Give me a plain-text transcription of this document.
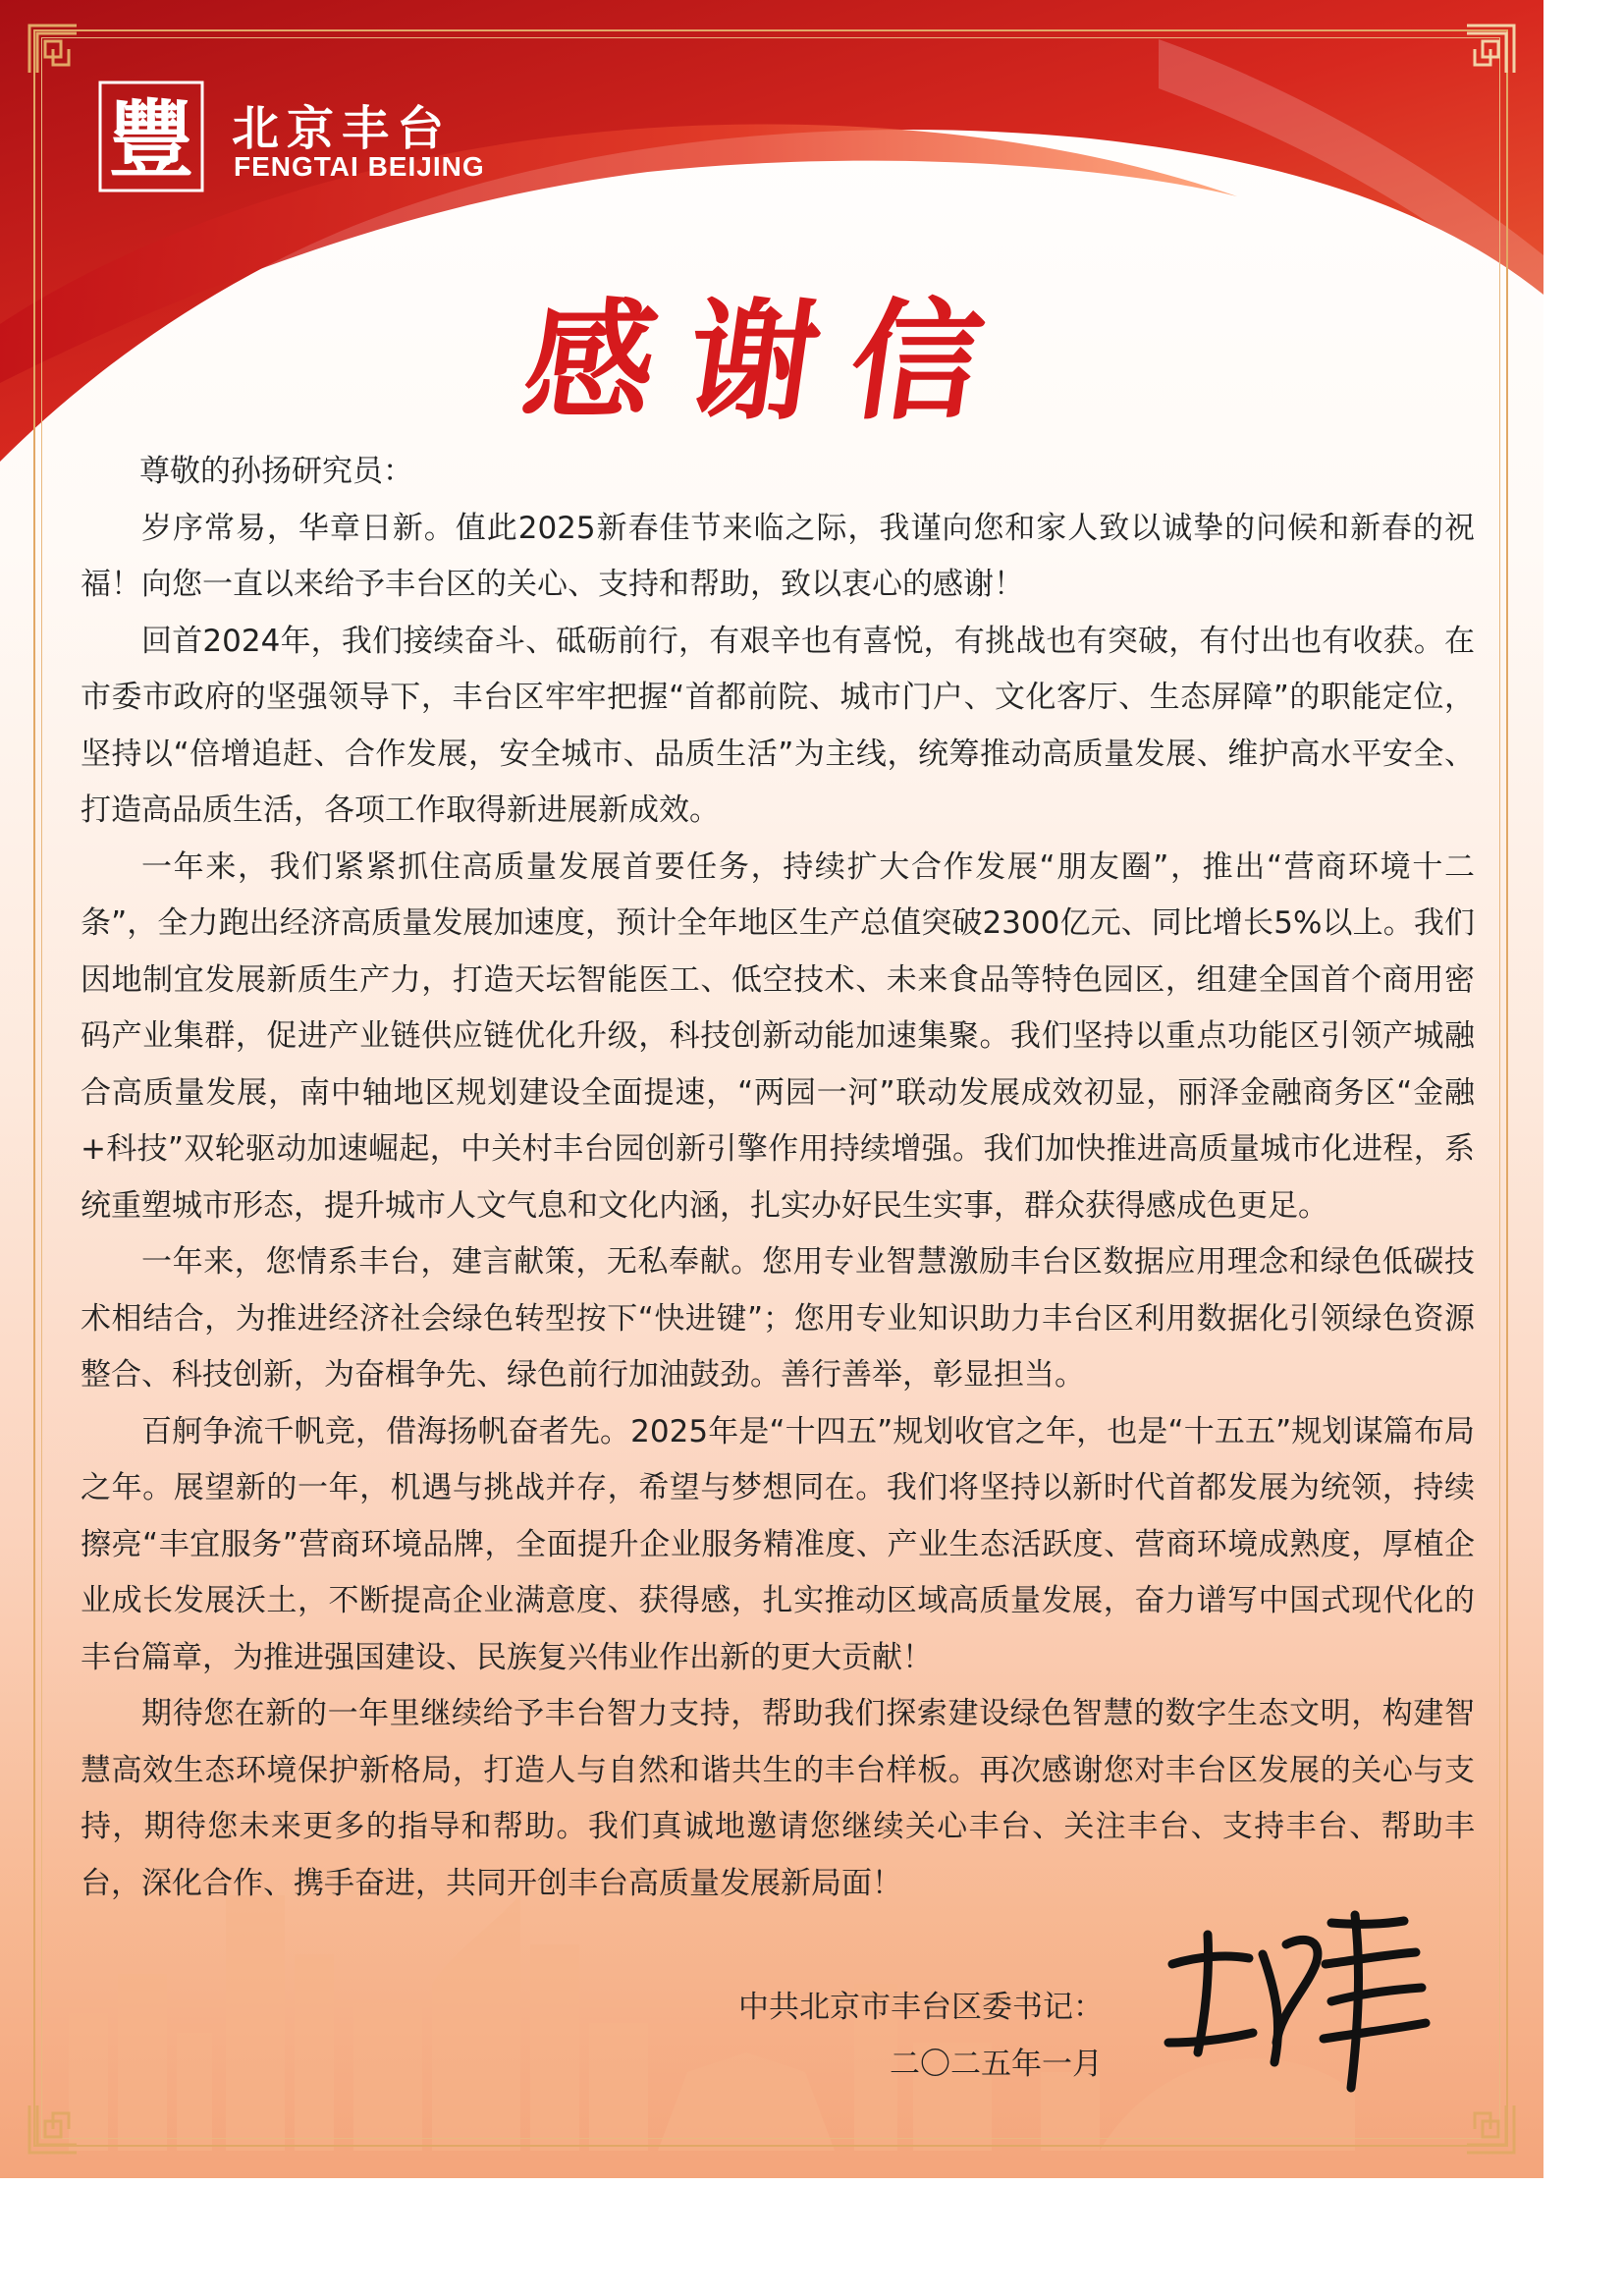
豐 北京丰台
FENGTAI BEIJING
感谢信

尊敬的孙扬研究员：

岁序常易，华章日新。值此2025新春佳节来临之际，我谨向您和家人致以诚挚的问候和新春的祝福！向您一直以来给予丰台区的关心、支持和帮助，致以衷心的感谢！

回首2024年，我们接续奋斗、砥砺前行，有艰辛也有喜悦，有挑战也有突破，有付出也有收获。在市委市政府的坚强领导下，丰台区牢牢把握“首都前院、城市门户、文化客厅、生态屏障”的职能定位，坚持以“倍增追赶、合作发展，安全城市、品质生活”为主线，统筹推动高质量发展、维护高水平安全、打造高品质生活，各项工作取得新进展新成效。

一年来，我们紧紧抓住高质量发展首要任务，持续扩大合作发展“朋友圈”，推出“营商环境十二条”，全力跑出经济高质量发展加速度，预计全年地区生产总值突破2300亿元、同比增长5%以上。我们因地制宜发展新质生产力，打造天坛智能医工、低空技术、未来食品等特色园区，组建全国首个商用密码产业集群，促进产业链供应链优化升级，科技创新动能加速集聚。我们坚持以重点功能区引领产城融合高质量发展，南中轴地区规划建设全面提速，“两园一河”联动发展成效初显，丽泽金融商务区“金融+科技”双轮驱动加速崛起，中关村丰台园创新引擎作用持续增强。我们加快推进高质量城市化进程，系统重塑城市形态，提升城市人文气息和文化内涵，扎实办好民生实事，群众获得感成色更足。

一年来，您情系丰台，建言献策，无私奉献。您用专业智慧激励丰台区数据应用理念和绿色低碳技术相结合，为推进经济社会绿色转型按下“快进键”；您用专业知识助力丰台区利用数据化引领绿色资源整合、科技创新，为奋楫争先、绿色前行加油鼓劲。善行善举，彰显担当。

百舸争流千帆竞，借海扬帆奋者先。2025年是“十四五”规划收官之年，也是“十五五”规划谋篇布局之年。展望新的一年，机遇与挑战并存，希望与梦想同在。我们将坚持以新时代首都发展为统领，持续擦亮“丰宜服务”营商环境品牌，全面提升企业服务精准度、产业生态活跃度、营商环境成熟度，厚植企业成长发展沃土，不断提高企业满意度、获得感，扎实推动区域高质量发展，奋力谱写中国式现代化的丰台篇章，为推进强国建设、民族复兴伟业作出新的更大贡献！

期待您在新的一年里继续给予丰台智力支持，帮助我们探索建设绿色智慧的数字生态文明，构建智慧高效生态环境保护新格局，打造人与自然和谐共生的丰台样板。再次感谢您对丰台区发展的关心与支持，期待您未来更多的指导和帮助。我们真诚地邀请您继续关心丰台、关注丰台、支持丰台、帮助丰台，深化合作、携手奋进，共同开创丰台高质量发展新局面！

中共北京市丰台区委书记：
二〇二五年一月
